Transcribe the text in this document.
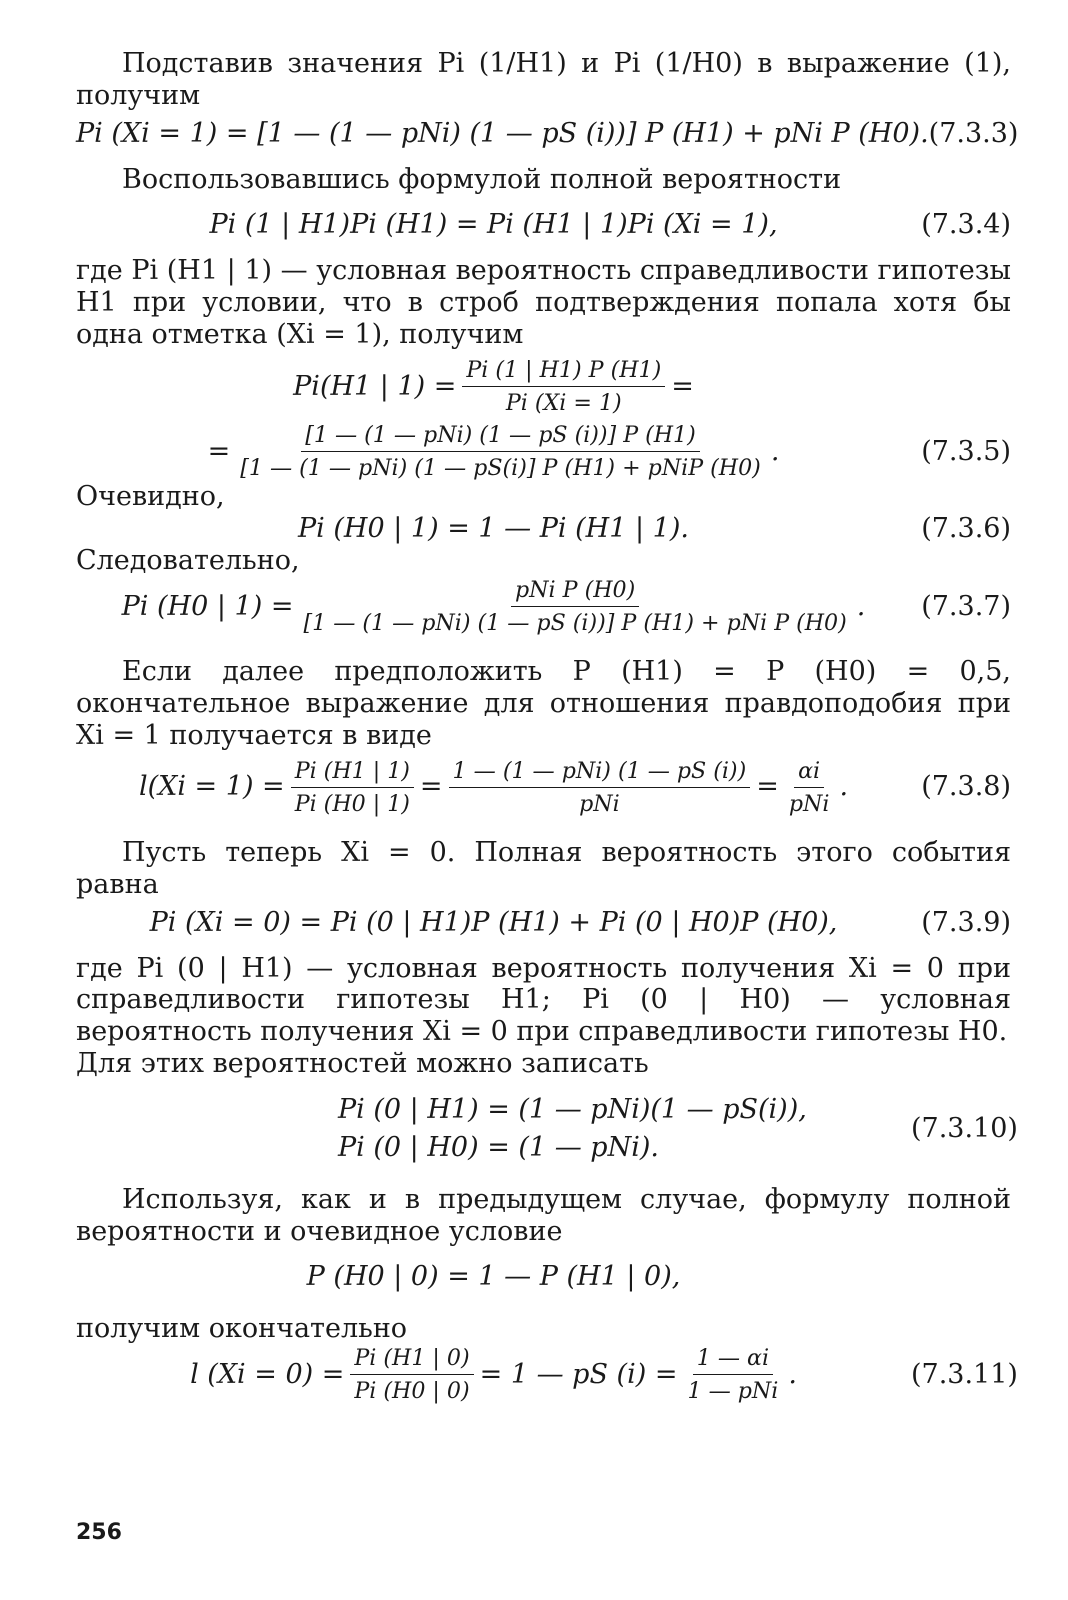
Подставив значения Pi (1/H1) и Pi (1/H0) в выражение (1), получим

Pi (Xi = 1) = [1 — (1 — pNi) (1 — pS (i))] P (H1) + pNi P (H0). (7.3.3)

Воспользовавшись формулой полной вероятности

Pi (1 | H1)Pi (H1) = Pi (H1 | 1)Pi (Xi = 1),	(7.3.4)

где Pi (H1 | 1) — условная вероятность справедливости гипотезы H1 при условии, что в строб подтверждения попала хотя бы одна отметка (Xi = 1), получим

Pi(H1 | $1) = \frac{Pi (1 | H1) P (H1)}{Pi (Xi = 1)}$ =
= $\frac{\text{[1 — (1 — pNi) (1 — pS (i))] P (H1)}}{\text{[1 — (1 — pNi) (1 — pS(i)] P (H1) + pNiP (H0)}}$ .	(7.3.5)

Очевидно,

Pi (H0 | 1) = 1 — Pi (H1 | 1).	(7.3.6)

Следовательно,

Pi (H0 | $1) = \frac{\text{pNi P (H0)}}{\text{[1 — (1 — pNi) (1 — pS (i))] P (H1) + pNi P (H0)}}$ .	(7.3.7)

Если далее предположить P (H1) = P (H0) = 0,5, окончательное выражение для отношения правдоподобия при Xi = 1 получается в виде

$l(Xi = 1) = \frac{Pi (H1 | 1)}{Pi (H0 | 1)} = \frac{\text{1 — (1 — pNi) (1 — pS (i))}}{\text{pNi}} = \frac{\alpha i}{\text{pNi}}$ .	(7.3.8)

Пусть теперь Xi = 0. Полная вероятность этого события равна

Pi (Xi = 0) = Pi (0 | H1)P (H1) + Pi (0 | H0)P (H0),	(7.3.9)

где Pi (0 | H1) — условная вероятность получения Xi = 0 при справедливости гипотезы H1; Pi (0 | H0) — условная вероятность получения Xi = 0 при справедливости гипотезы H0.

Для этих вероятностей можно записать

Pi (0 | H1) = (1 — pNi)(1 — pS(i)),
Pi (0 | H0) = (1 — pNi).
(7.3.10)

Используя, как и в предыдущем случае, формулу полной вероятности и очевидное условие

P (H0 | 0) = 1 — P (H1 | 0),

получим окончательно

l $(Xi = 0) = \frac{Pi (H1 | 0)}{Pi (H0 | 0)} = 1$ — pS $(i) = \frac{1 — \alpha i}{\text{1 — pNi}}$ .	(7.3.11)
256
